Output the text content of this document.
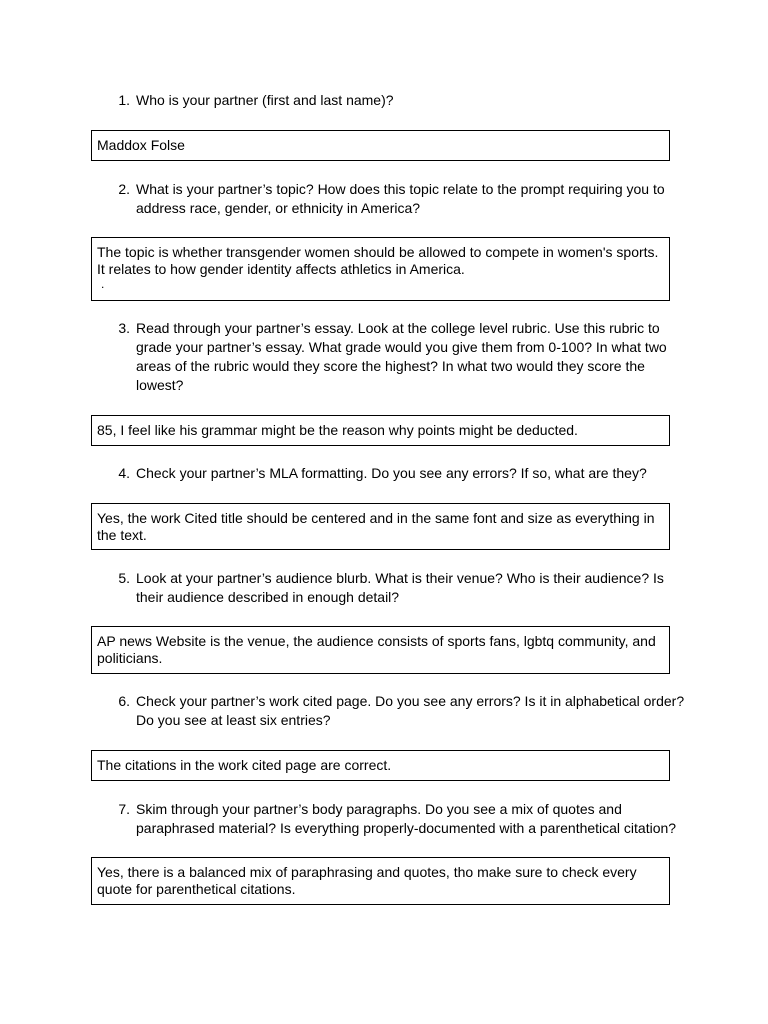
1. Who is your partner (first and last name)?
Maddox Folse
2. What is your partner’s topic? How does this topic relate to the prompt requiring you to address race, gender, or ethnicity in America?
The topic is whether transgender women should be allowed to compete in women's sports. It relates to how gender identity affects athletics in America.
.
3. Read through your partner’s essay. Look at the college level rubric. Use this rubric to grade your partner’s essay. What grade would you give them from 0-100? In what two areas of the rubric would they score the highest? In what two would they score the lowest?
85, I feel like his grammar might be the reason why points might be deducted.
4. Check your partner’s MLA formatting. Do you see any errors? If so, what are they?
Yes, the work Cited title should be centered and in the same font and size as everything in the text.
5. Look at your partner’s audience blurb. What is their venue? Who is their audience? Is their audience described in enough detail?
AP news Website is the venue, the audience consists of sports fans, lgbtq community, and politicians.
6. Check your partner’s work cited page. Do you see any errors? Is it in alphabetical order? Do you see at least six entries?
The citations in the work cited page are correct.
7. Skim through your partner’s body paragraphs. Do you see a mix of quotes and paraphrased material? Is everything properly-documented with a parenthetical citation?
Yes, there is a balanced mix of paraphrasing and quotes, tho make sure to check every quote for parenthetical citations.
